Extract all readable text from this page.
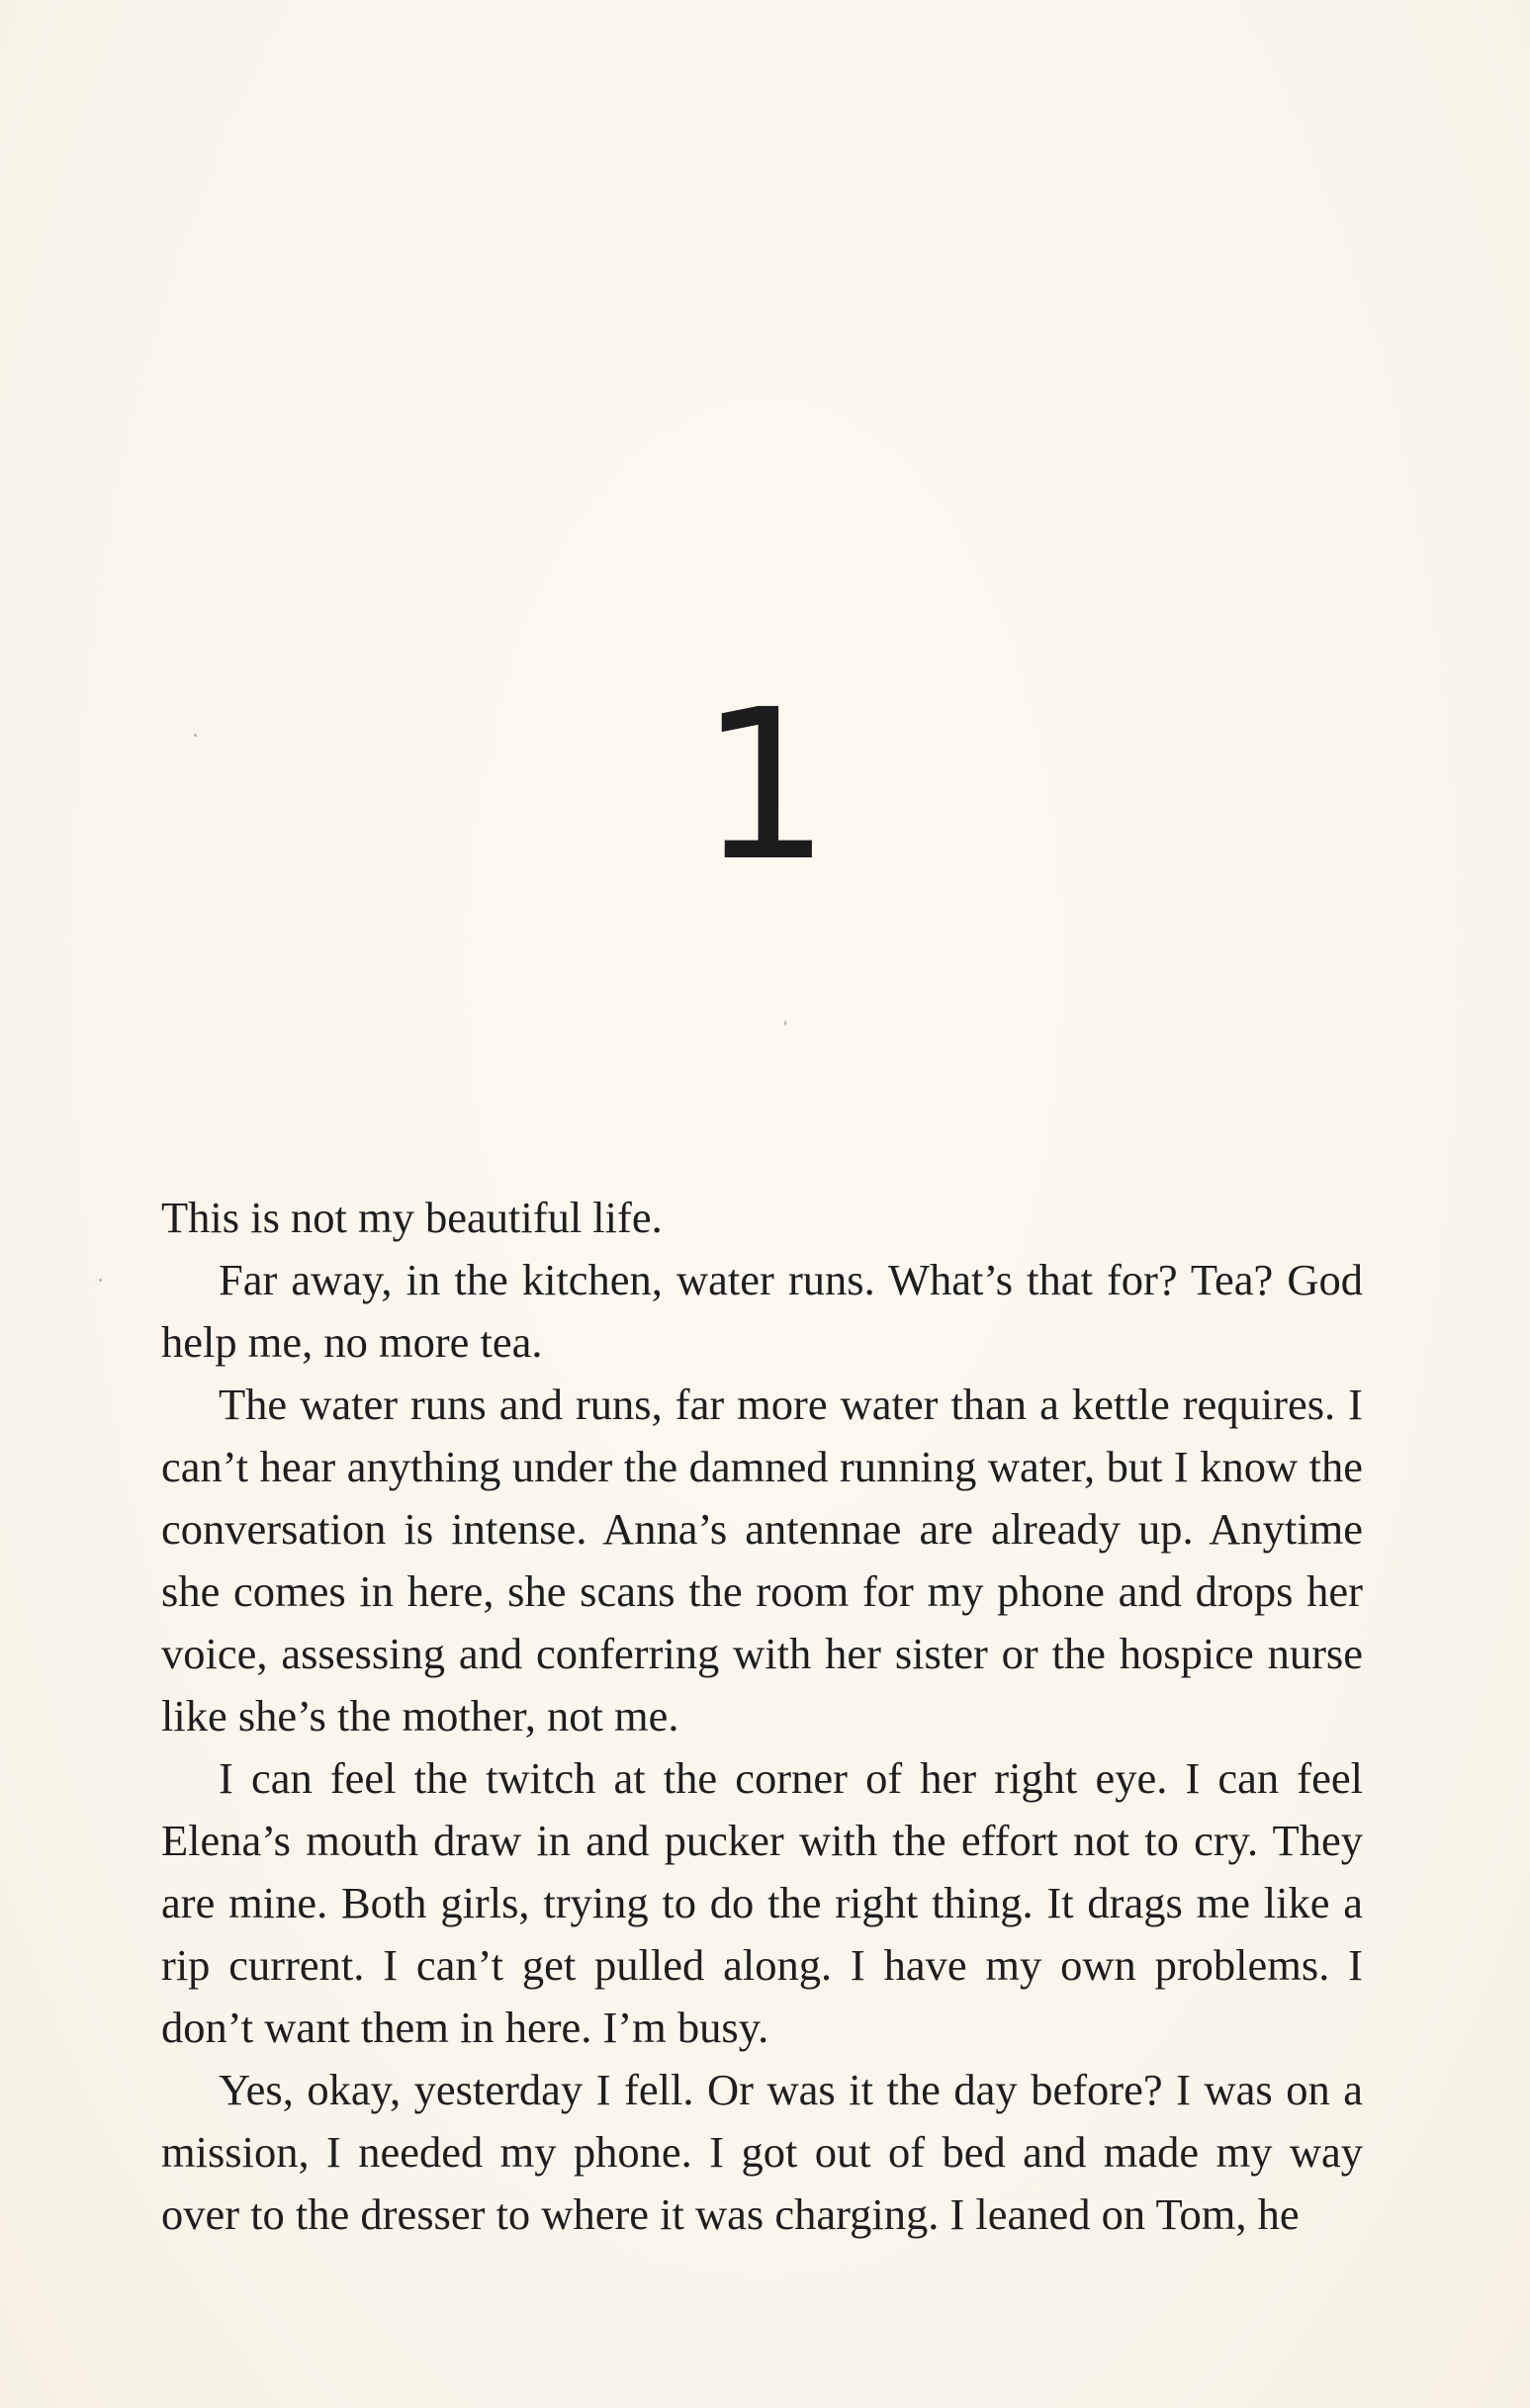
1

This is not my beautiful life.

Far away, in the kitchen, water runs. What’s that for? Tea? God help me, no more tea.

The water runs and runs, far more water than a kettle requires. I can’t hear anything under the damned running water, but I know the conversation is intense. Anna’s antennae are already up. Anytime she comes in here, she scans the room for my phone and drops her voice, assessing and conferring with her sister or the hospice nurse like she’s the mother, not me.

I can feel the twitch at the corner of her right eye. I can feel Elena’s mouth draw in and pucker with the effort not to cry. They are mine. Both girls, trying to do the right thing. It drags me like a rip current. I can’t get pulled along. I have my own problems. I don’t want them in here. I’m busy.

Yes, okay, yesterday I fell. Or was it the day before? I was on a mission, I needed my phone. I got out of bed and made my way over to the dresser to where it was charging. I leaned on Tom, he
